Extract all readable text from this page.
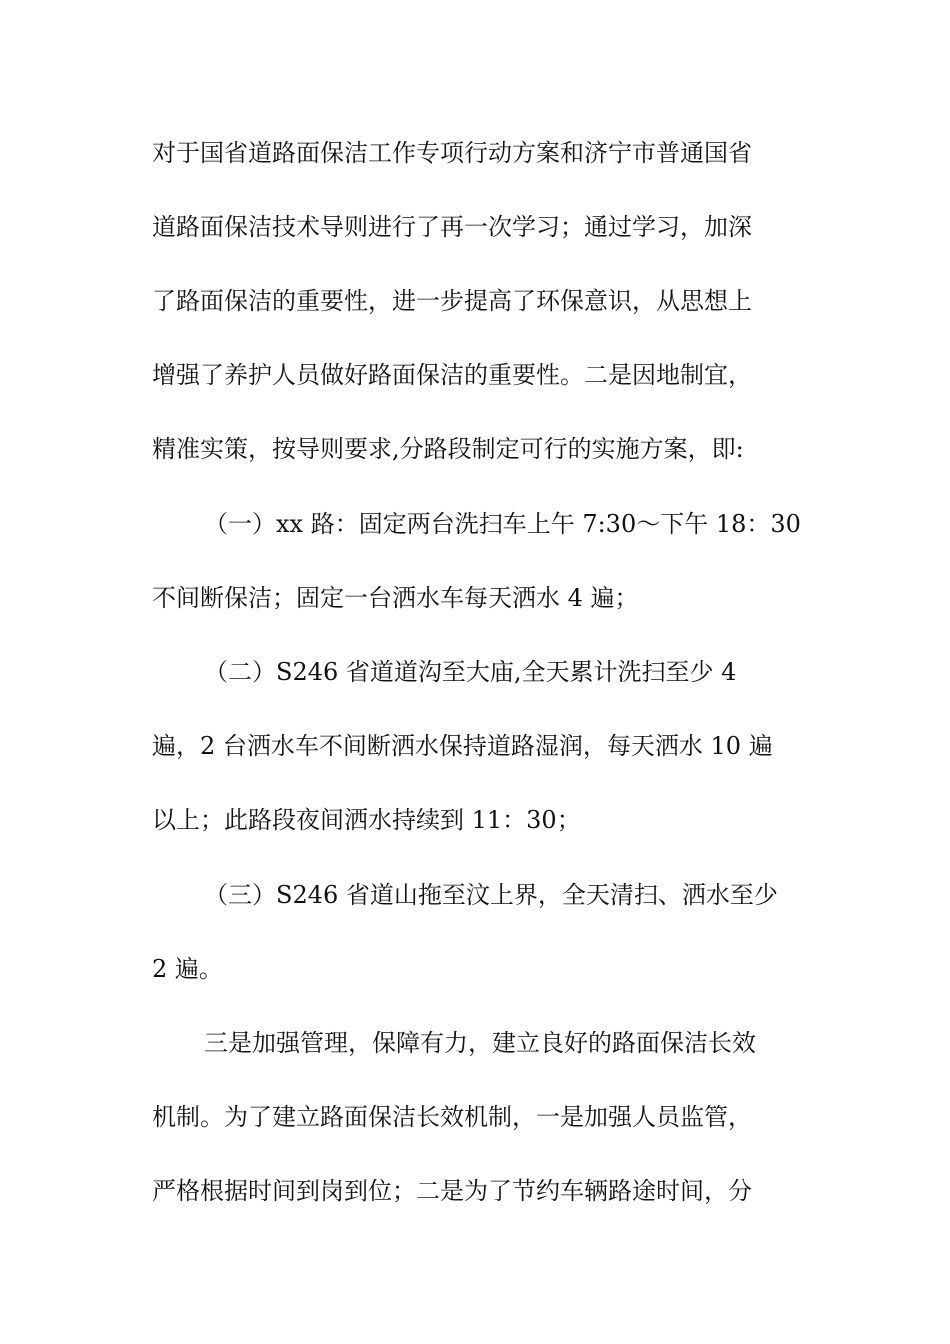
对于国省道路面保洁工作专项行动方案和济宁市普通国省
道路面保洁技术导则进行了再一次学习；通过学习，加深
了路面保洁的重要性，进一步提高了环保意识，从思想上
增强了养护人员做好路面保洁的重要性。二是因地制宜，
精准实策，按导则要求,分路段制定可行的实施方案，即:
（一）xx 路：固定两台洗扫车上午 7:30～下午 18：30
不间断保洁；固定一台洒水车每天洒水 4 遍；
（二）S246 省道道沟至大庙,全天累计洗扫至少 4
遍，2 台洒水车不间断洒水保持道路湿润，每天洒水 10 遍
以上；此路段夜间洒水持续到 11：30；
（三）S246 省道山拖至汶上界，全天清扫、洒水至少
2 遍。
三是加强管理，保障有力，建立良好的路面保洁长效
机制。为了建立路面保洁长效机制，一是加强人员监管，
严格根据时间到岗到位；二是为了节约车辆路途时间，分
